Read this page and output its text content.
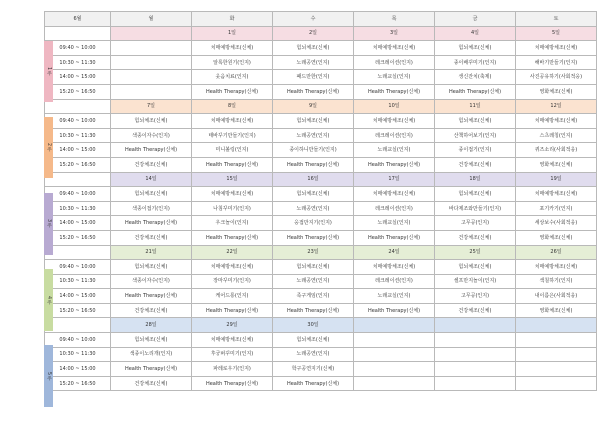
6월	월	화	수	목	금	토
		1일	2일	3일	4일	5일
09:40 ~ 10:00		치매예방체조(신체)	힘뇌체조(신체)	치매예방체조(신체)	힘뇌체조(신체)	치매예방체조(신체)
10:30 ~ 11:30		알록한원기(인지)	노래공연(인지)	레크레이션(인지)	종이배꾸미기(인지)	해바기만들기(인지)
14:00 ~ 15:00		웃음치료(인지)	패드만한(인지)	노래교실(인지)	생신잔치(축제)	사진공유하기(사회적응)
15:20 ~ 16:50		Health Therapy(신체)	Health Therapy(신체)	Health Therapy(신체)	Health Therapy(신체)	영화체조(신체)
	7일	8일	9일	10일	11일	12일
09:40 ~ 10:00	힘뇌체조(신체)	치매예방체조(신체)	힘뇌체조(신체)	치매예방체조(신체)	힘뇌체조(신체)	치매예방체조(신체)
10:30 ~ 11:30	색종이자수(인지)	태바꾸기만들기(인지)	노래공연(인지)	레크레이션(인지)	산책하어보기(인지)	스츠레칭(인지)
14:00 ~ 15:00	Health Therapy(신체)	미니볼링(인지)	종이하니만들기(인지)	노래교실(인지)	종이접기(인지)	퀴즈소리(사회적응)
15:20 ~ 16:50	건강체조(신체)	Health Therapy(신체)	Health Therapy(신체)	Health Therapy(신체)	건강체조(신체)	영화체조(신체)
	14일	15일	16일	17일	18일	19일
09:40 ~ 10:00	힘뇌체조(신체)	치매예방체조(신체)	힘뇌체조(신체)	치매예방체조(신체)	힘뇌체조(신체)	치매예방체조(신체)
10:30 ~ 11:30	색종이접기(인지)	나침꾸미기(인지)	노래공연(인지)	레크레이션(인지)	바다제조와만들기(인지)	포기카기(인지)
14:00 ~ 15:00	Health Therapy(신체)	우크놀이(인지)	응접만지기(인지)	노래교실(인지)	고무공(인지)	세상보수(사회적응)
15:20 ~ 16:50	건강체조(신체)	Health Therapy(신체)	Health Therapy(신체)	Health Therapy(신체)	건강체조(신체)	영화체조(신체)
	21일	22일	23일	24일	25일	26일
09:40 ~ 10:00	힘뇌체조(신체)	치매예방체조(신체)	힘뇌체조(신체)	치매예방체조(신체)	힘뇌체조(신체)	치매예방체조(신체)
10:30 ~ 11:30	색종이자수(인지)	장마꾸미기(인지)	노래공연(인지)	레크레이션(인지)	셀프만지놀이(인지)	색칠하기(인지)
14:00 ~ 15:00	Health Therapy(신체)	케어드롱(인지)	족구게임(인지)	노래교실(인지)	고무공(인지)	내이름은(사회적응)
15:20 ~ 16:50	건강체조(신체)	Health Therapy(신체)	Health Therapy(신체)	Health Therapy(신체)	건강체조(신체)	영화체조(신체)
	28일	29일	30일			
09:40 ~ 10:00	힘뇌체조(신체)	치매예방체조(신체)	힘뇌체조(신체)			
10:30 ~ 11:30	색종이노리개(인지)	후궁퍼꾸미기(인지)	노래공연(인지)			
14:00 ~ 15:00	Health Therapy(신체)	파레로우기(인지)	학구공연지기(신체)			
15:20 ~ 16:50	건강체조(신체)	Health Therapy(신체)	Health Therapy(신체)			
1주
2주
3주
4주
5주
